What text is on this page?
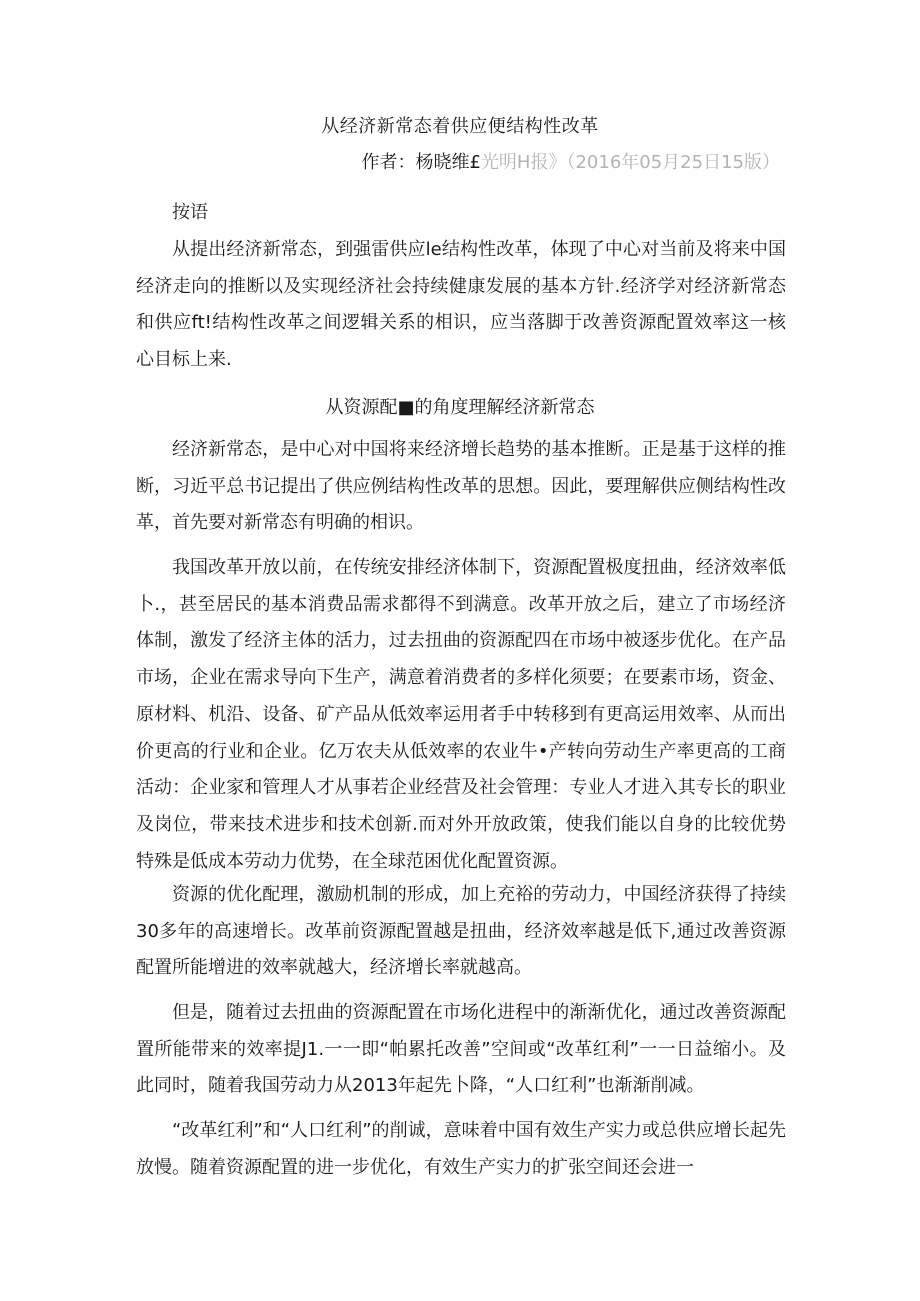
从经济新常态着供应便结构性改革
作者：杨晓维£光明H报》（2016年05月25日15版）
按语

从提出经济新常态，到强雷供应le结构性改革，体现了中心对当前及将来中国经济走向的推断以及实现经济社会持续健康发展的基本方针.经济学对经济新常态和供应ft!结构性改革之间逻辑关系的相识，应当落脚于改善资源配置效率这一核心目标上来.

从资源配■的角度理解经济新常态

经济新常态，是中心对中国将来经济增长趋势的基本推断。正是基于这样的推断，习近平总书记提出了供应例结构性改革的思想。因此，要理解供应侧结构性改革，首先要对新常态有明确的相识。

我国改革开放以前，在传统安排经济体制下，资源配置极度扭曲，经济效率低卜.，甚至居民的基本消费品需求都得不到满意。改革开放之后，建立了市场经济体制，激发了经济主体的活力，过去扭曲的资源配四在市场中被逐步优化。在产品市场，企业在需求导向下生产，满意着消费者的多样化须要；在要素市场，资金、原材料、机沿、设备、矿产品从低效率运用者手中转移到有更高运用效率、从而出价更高的行业和企业。亿万农夫从低效率的农业牛•产转向劳动生产率更高的工商活动：企业家和管理人才从事若企业经营及社会管理：专业人才进入其专长的职业及岗位，带来技术进步和技术创新.而对外开放政策，使我们能以自身的比较优势特殊是低成本劳动力优势，在全球范困优化配置资源。

资源的优化配理，激励机制的形成，加上充裕的劳动力，中国经济获得了持续30多年的高速增长。改革前资源配置越是扭曲，经济效率越是低下,通过改善资源配置所能增进的效率就越大，经济增长率就越高。

但是，随着过去扭曲的资源配置在市场化进程中的渐渐优化，通过改善资源配置所能带来的效率提J1.一一即“帕累托改善”空间或“改革红利”一一日益缩小。及此同时，随着我国劳动力从2013年起先卜降，“人口红利”也渐渐削减。

“改革红利”和“人口红利”的削诚，意味着中国有效生产实力或总供应增长起先放慢。随着资源配置的进一步优化，有效生产实力的扩张空间还会进一
